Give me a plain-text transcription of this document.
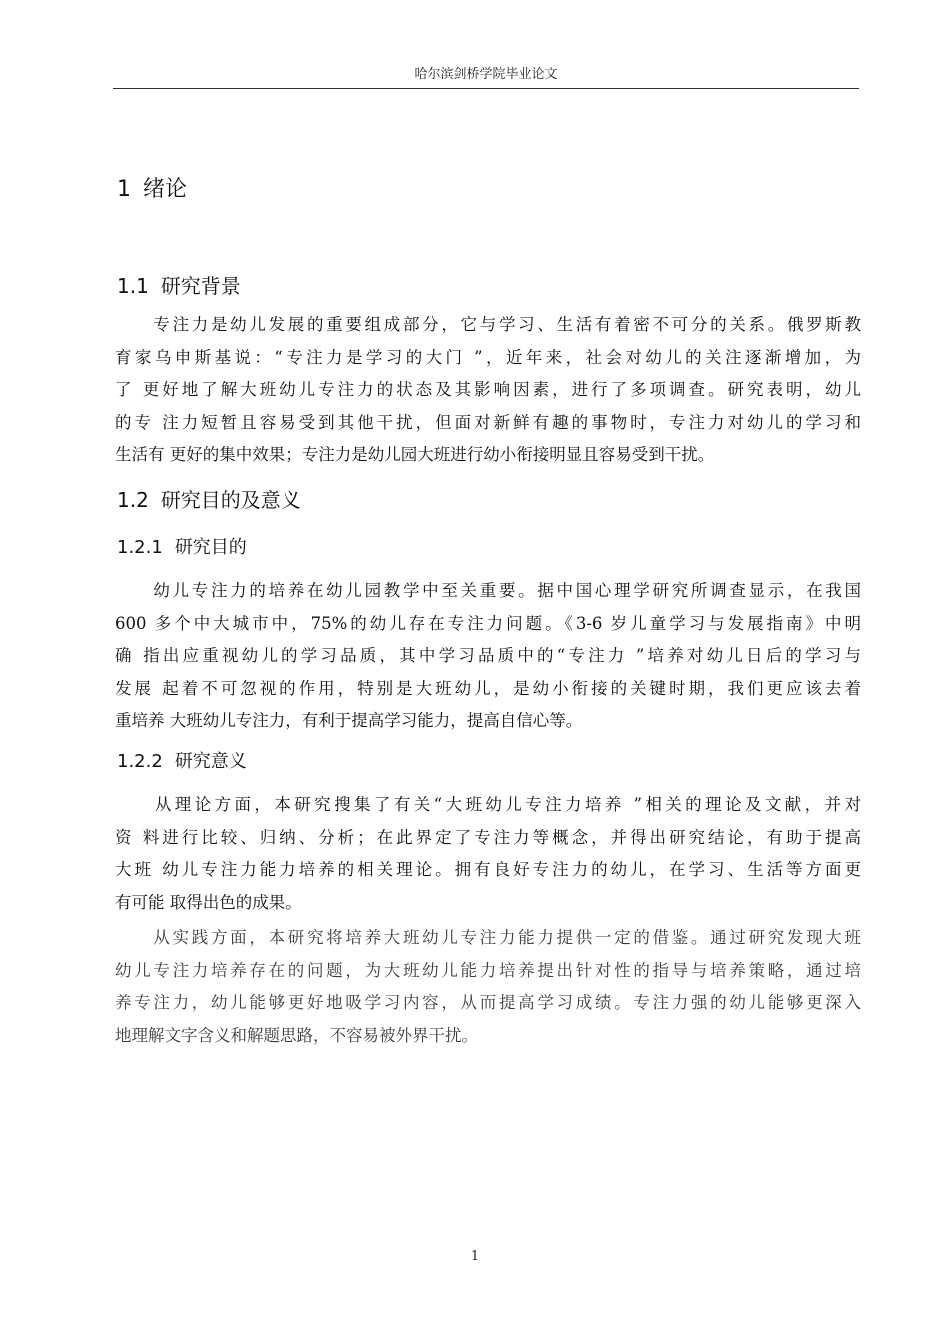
哈尔滨剑桥学院毕业论文
1 绪论
1.1 研究背景
　　专注力是幼儿发展的重要组成部分，它与学习、生活有着密不可分的关系。俄罗斯教
育家乌申斯基说：“专注力是学习的大门 ”，近年来，社会对幼儿的关注逐渐增加，为
了 更好地了解大班幼儿专注力的状态及其影响因素，进行了多项调查。研究表明，幼儿
的专 注力短暂且容易受到其他干扰，但面对新鲜有趣的事物时，专注力对幼儿的学习和
生活有 更好的集中效果；专注力是幼儿园大班进行幼小衔接明显且容易受到干扰。
1.2 研究目的及意义
1.2.1 研究目的
　　幼儿专注力的培养在幼儿园教学中至关重要。据中国心理学研究所调查显示，在我国
600 多个中大城市中，75%的幼儿存在专注力问题。《3-6 岁儿童学习与发展指南》中明
确 指出应重视幼儿的学习品质，其中学习品质中的“专注力 ”培养对幼儿日后的学习与
发展 起着不可忽视的作用，特别是大班幼儿，是幼小衔接的关键时期，我们更应该去着
重培养 大班幼儿专注力，有利于提高学习能力，提高自信心等。
1.2.2 研究意义
　　从理论方面，本研究搜集了有关“大班幼儿专注力培养 ”相关的理论及文献，并对
资 料进行比较、归纳、分析；在此界定了专注力等概念，并得出研究结论，有助于提高
大班 幼儿专注力能力培养的相关理论。拥有良好专注力的幼儿，在学习、生活等方面更
有可能 取得出色的成果。
　　从实践方面，本研究将培养大班幼儿专注力能力提供一定的借鉴。通过研究发现大班
幼儿专注力培养存在的问题，为大班幼儿能力培养提出针对性的指导与培养策略，通过培
养专注力，幼儿能够更好地吸学习内容，从而提高学习成绩。专注力强的幼儿能够更深入
地理解文字含义和解题思路，不容易被外界干扰。
1
